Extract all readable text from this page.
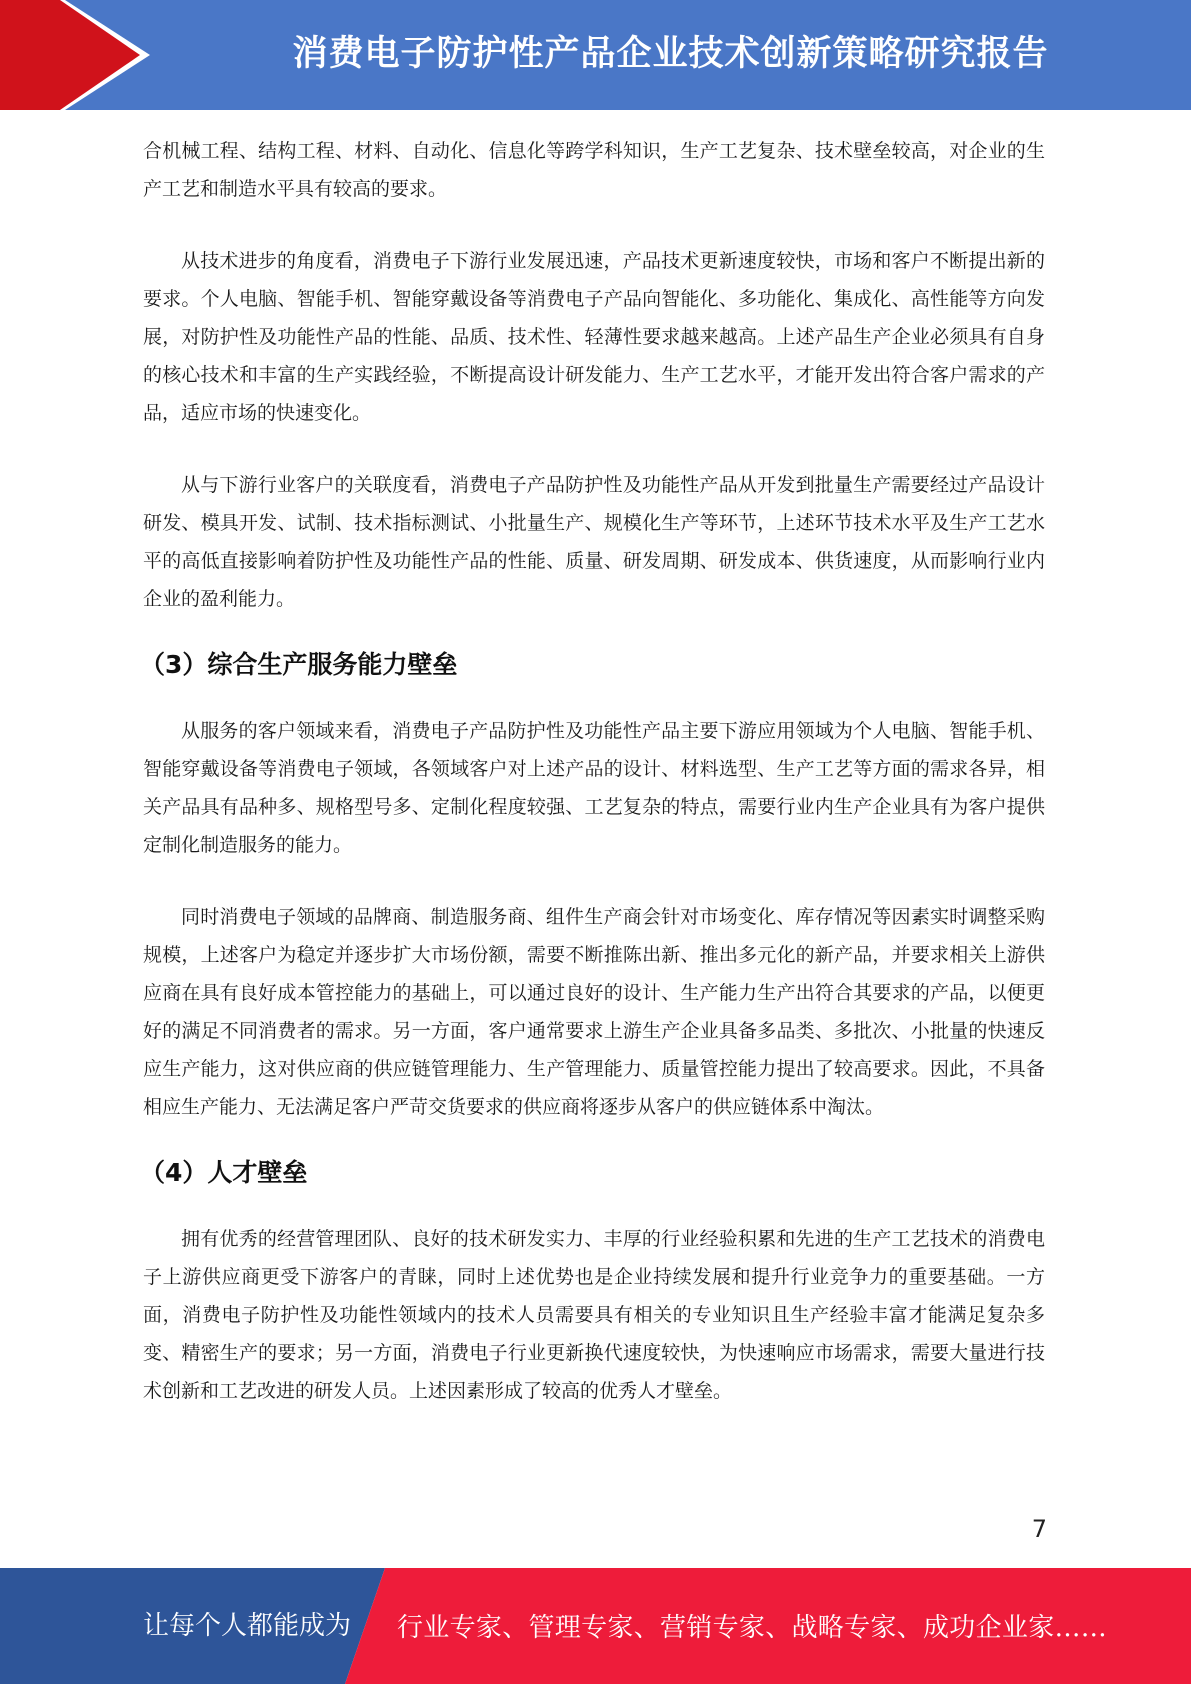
消费电子防护性产品企业技术创新策略研究报告

合机械工程、结构工程、材料、自动化、信息化等跨学科知识，生产工艺复杂、技术壁垒较高，对企业的生产工艺和制造水平具有较高的要求。

从技术进步的角度看，消费电子下游行业发展迅速，产品技术更新速度较快，市场和客户不断提出新的要求。个人电脑、智能手机、智能穿戴设备等消费电子产品向智能化、多功能化、集成化、高性能等方向发展，对防护性及功能性产品的性能、品质、技术性、轻薄性要求越来越高。上述产品生产企业必须具有自身的核心技术和丰富的生产实践经验，不断提高设计研发能力、生产工艺水平，才能开发出符合客户需求的产品，适应市场的快速变化。

从与下游行业客户的关联度看，消费电子产品防护性及功能性产品从开发到批量生产需要经过产品设计研发、模具开发、试制、技术指标测试、小批量生产、规模化生产等环节，上述环节技术水平及生产工艺水平的高低直接影响着防护性及功能性产品的性能、质量、研发周期、研发成本、供货速度，从而影响行业内企业的盈利能力。

（3）综合生产服务能力壁垒

从服务的客户领域来看，消费电子产品防护性及功能性产品主要下游应用领域为个人电脑、智能手机、智能穿戴设备等消费电子领域，各领域客户对上述产品的设计、材料选型、生产工艺等方面的需求各异，相关产品具有品种多、规格型号多、定制化程度较强、工艺复杂的特点，需要行业内生产企业具有为客户提供定制化制造服务的能力。

同时消费电子领域的品牌商、制造服务商、组件生产商会针对市场变化、库存情况等因素实时调整采购规模，上述客户为稳定并逐步扩大市场份额，需要不断推陈出新、推出多元化的新产品，并要求相关上游供应商在具有良好成本管控能力的基础上，可以通过良好的设计、生产能力生产出符合其要求的产品，以便更好的满足不同消费者的需求。另一方面，客户通常要求上游生产企业具备多品类、多批次、小批量的快速反应生产能力，这对供应商的供应链管理能力、生产管理能力、质量管控能力提出了较高要求。因此，不具备相应生产能力、无法满足客户严苛交货要求的供应商将逐步从客户的供应链体系中淘汰。

（4）人才壁垒

拥有优秀的经营管理团队、良好的技术研发实力、丰厚的行业经验积累和先进的生产工艺技术的消费电子上游供应商更受下游客户的青睐，同时上述优势也是企业持续发展和提升行业竞争力的重要基础。一方面，消费电子防护性及功能性领域内的技术人员需要具有相关的专业知识且生产经验丰富才能满足复杂多变、精密生产的要求；另一方面，消费电子行业更新换代速度较快，为快速响应市场需求，需要大量进行技术创新和工艺改进的研发人员。上述因素形成了较高的优秀人才壁垒。

7
让每个人都能成为 行业专家、管理专家、营销专家、战略专家、成功企业家……
